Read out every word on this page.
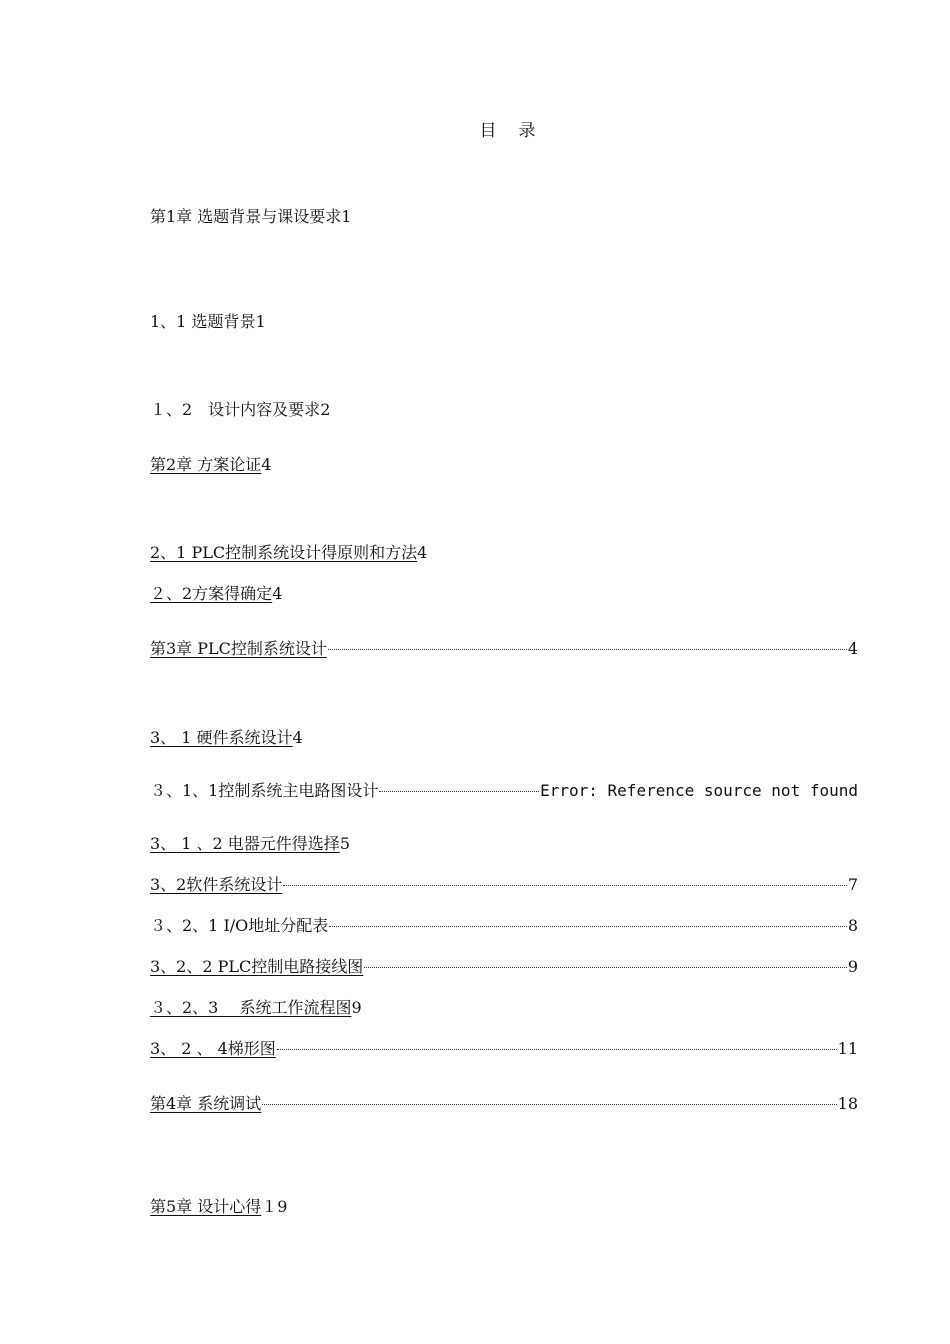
目 录
第1章 选题背景与课设要求 1
1、1 选题背景 1
１、2　设计内容及要求 2
第2章 方案论证 4
2、1 PLC控制系统设计得原则和方法 4
２、2方案得确定 4
第3章 PLC控制系统设计	4
3、 1 硬件系统设计 4
３、1、1控制系统主电路图设计	Error: Reference source not found
3、 1 、2 电器元件得选择 5
3、2软件系统设计	7
３、2、1 I/O地址分配表	8
3、2、2 PLC控制电路接线图	9
３、2、3　 系统工作流程图 9
3、 2 、 4梯形图	11
第4章 系统调试	18
第5章 设计心得 １9
